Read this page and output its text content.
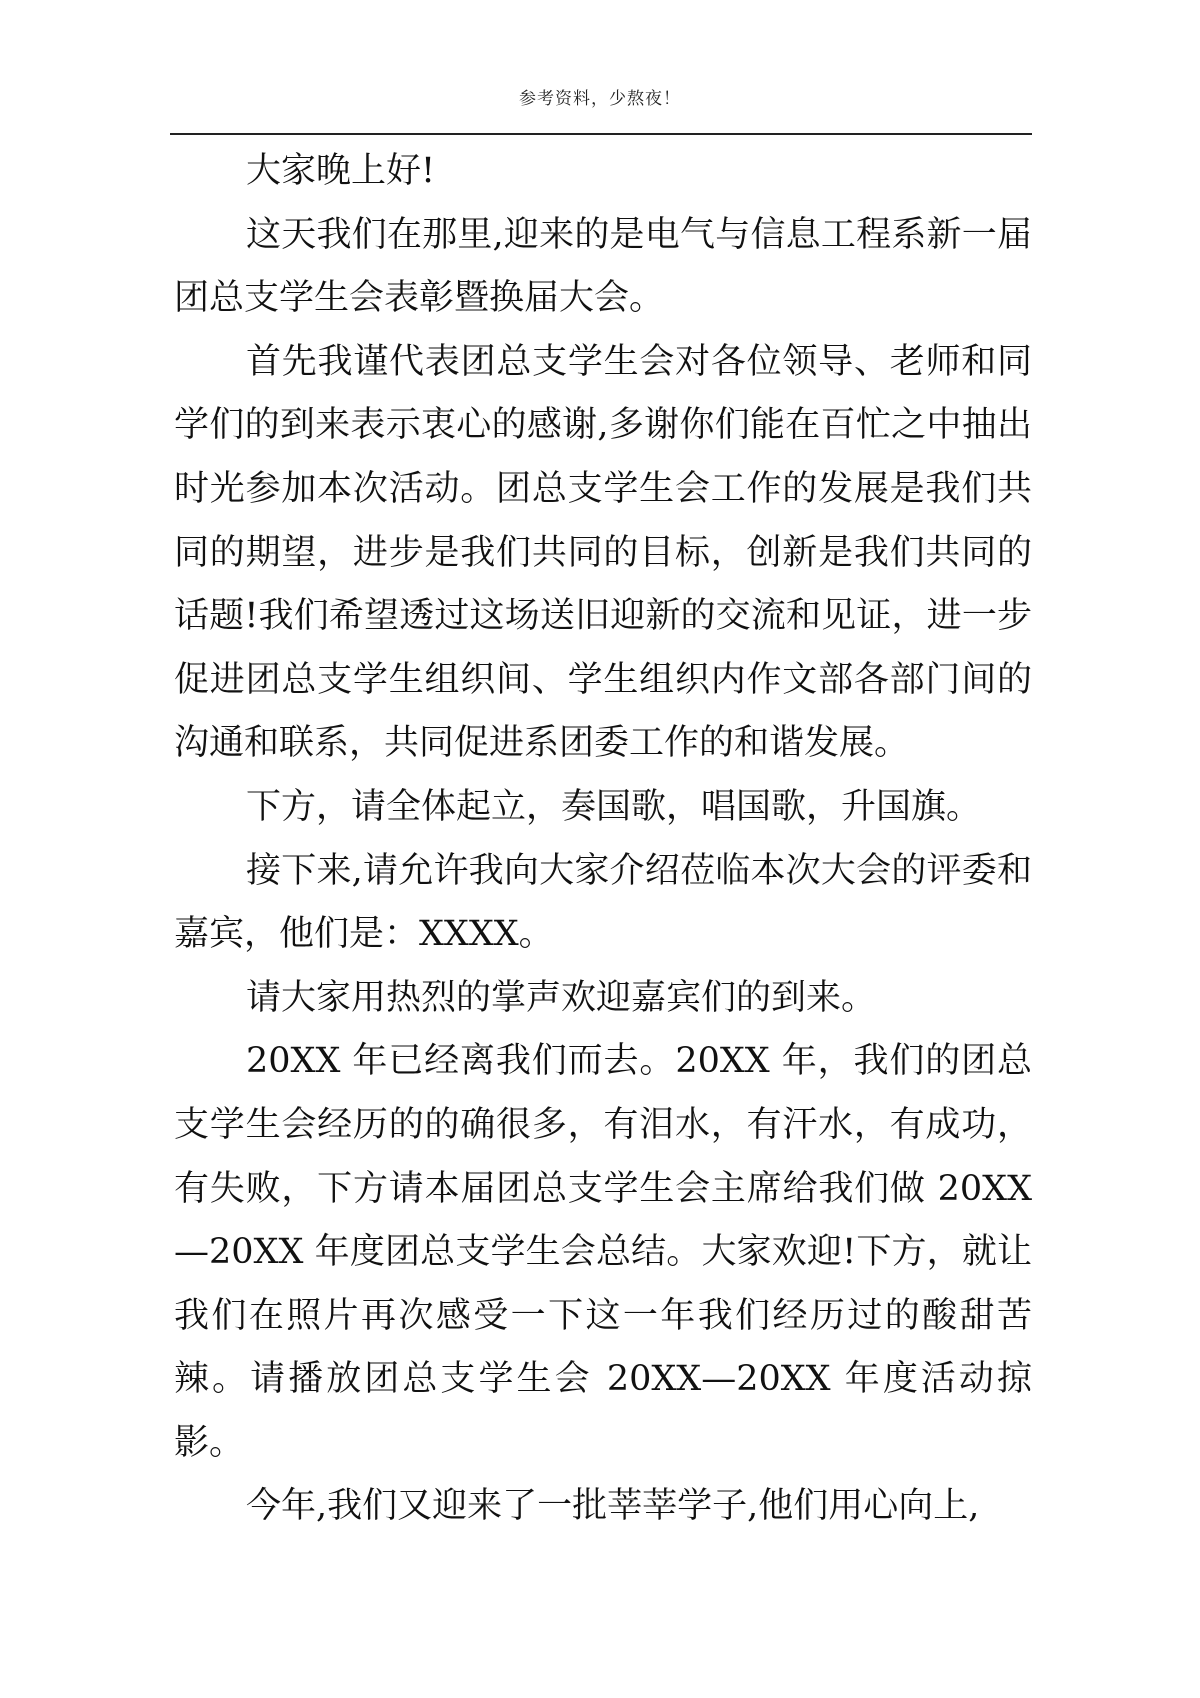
参考资料，少熬夜！

大家晚上好!

这天我们在那里,迎来的是电气与信息工程系新一届团总支学生会表彰暨换届大会。

首先我谨代表团总支学生会对各位领导、老师和同学们的到来表示衷心的感谢,多谢你们能在百忙之中抽出时光参加本次活动。团总支学生会工作的发展是我们共同的期望，进步是我们共同的目标，创新是我们共同的话题!我们希望透过这场送旧迎新的交流和见证，进一步促进团总支学生组织间、学生组织内作文部各部门间的沟通和联系，共同促进系团委工作的和谐发展。

下方，请全体起立，奏国歌，唱国歌，升国旗。

接下来,请允许我向大家介绍莅临本次大会的评委和嘉宾，他们是：XXXX。

请大家用热烈的掌声欢迎嘉宾们的到来。

20XX 年已经离我们而去。20XX 年，我们的团总支学生会经历的的确很多，有泪水，有汗水，有成功，有失败，下方请本届团总支学生会主席给我们做 20XX—20XX 年度团总支学生会总结。大家欢迎!下方，就让我们在照片再次感受一下这一年我们经历过的酸甜苦辣。请播放团总支学生会 20XX—20XX 年度活动掠影。

今年,我们又迎来了一批莘莘学子,他们用心向上,
